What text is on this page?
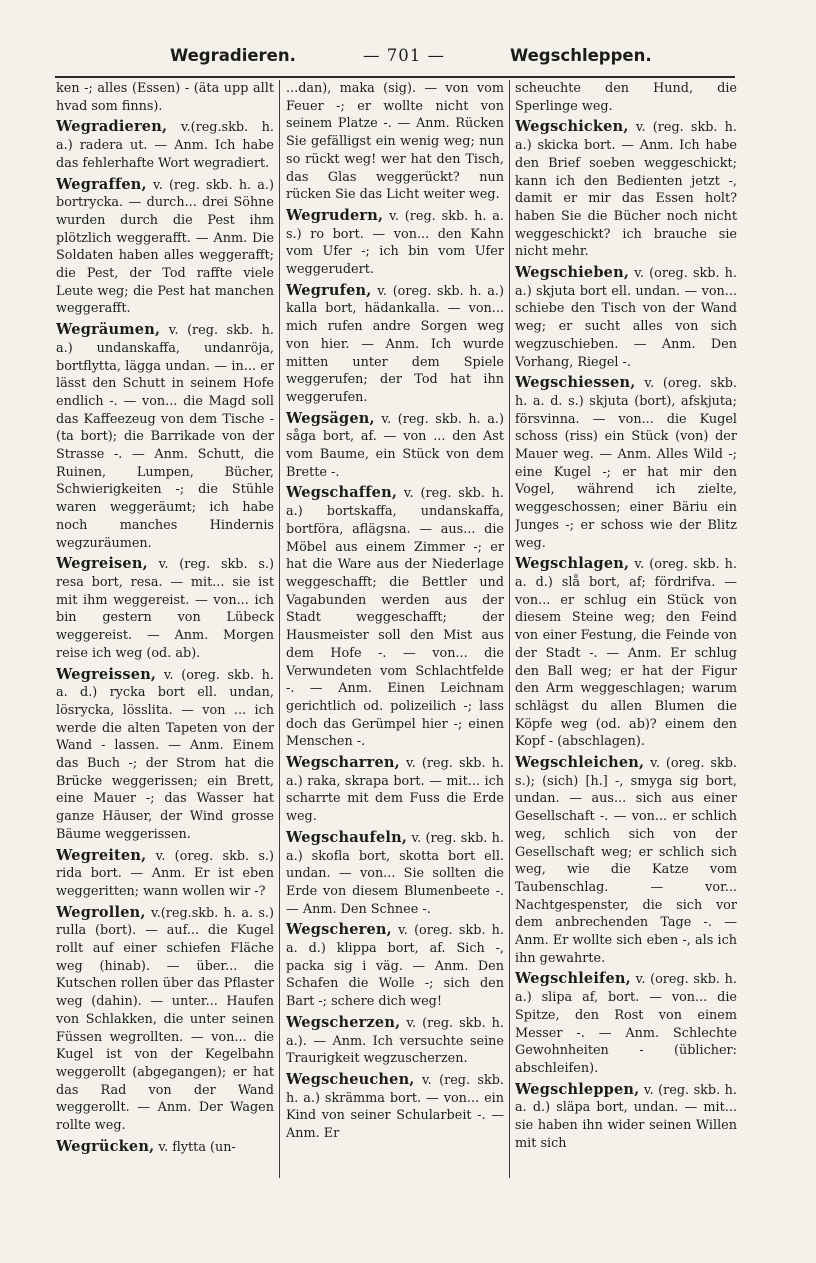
Wegradieren.	— 701 —	Wegschleppen.

ken -; alles (Essen) - (äta upp allt hvad som finns).

Wegradieren, v.(reg.skb. h. a.) radera ut. — Anm. Ich habe das fehlerhafte Wort wegradiert.

Wegraffen, v. (reg. skb. h. a.) bortrycka. — durch... drei Söhne wurden durch die Pest ihm plötzlich weggerafft. — Anm. Die Soldaten haben alles weggerafft; die Pest, der Tod raffte viele Leute weg; die Pest hat manchen weggerafft.

Wegräumen, v. (reg. skb. h. a.) undanskaffa, undanröja, bortflytta, lägga undan. — in... er lässt den Schutt in seinem Hofe endlich -. — von... die Magd soll das Kaffeezeug von dem Tische - (ta bort); die Barrikade von der Strasse -. — Anm. Schutt, die Ruinen, Lumpen, Bücher, Schwierigkeiten -; die Stühle waren weggeräumt; ich habe noch manches Hindernis wegzuräumen.

Wegreisen, v. (reg. skb. s.) resa bort, resa. — mit... sie ist mit ihm weggereist. — von... ich bin gestern von Lübeck weggereist. — Anm. Morgen reise ich weg (od. ab).

Wegreissen, v. (oreg. skb. h. a. d.) rycka bort ell. undan, lösrycka, lösslita. — von ... ich werde die alten Tapeten von der Wand - lassen. — Anm. Einem das Buch -; der Strom hat die Brücke weggerissen; ein Brett, eine Mauer -; das Wasser hat ganze Häuser, der Wind grosse Bäume weggerissen.

Wegreiten, v. (oreg. skb. s.) rida bort. — Anm. Er ist eben weggeritten; wann wollen wir -?

Wegrollen, v.(reg.skb. h. a. s.) rulla (bort). — auf... die Kugel rollt auf einer schiefen Fläche weg (hinab). — über... die Kutschen rollen über das Pflaster weg (dahin). — unter... Haufen von Schlakken, die unter seinen Füssen wegrollten. — von... die Kugel ist von der Kegelbahn weggerollt (abgegangen); er hat das Rad von der Wand weggerollt. — Anm. Der Wagen rollte weg.

Wegrücken, v. flytta (un-

...dan), maka (sig). — von vom Feuer -; er wollte nicht von seinem Platze -. — Anm. Rücken Sie gefälligst ein wenig weg; nun so rückt weg! wer hat den Tisch, das Glas weggerückt? nun rücken Sie das Licht weiter weg.

Wegrudern, v. (reg. skb. h. a. s.) ro bort. — von... den Kahn vom Ufer -; ich bin vom Ufer weggerudert.

Wegrufen, v. (oreg. skb. h. a.) kalla bort, hädankalla. — von... mich rufen andre Sorgen weg von hier. — Anm. Ich wurde mitten unter dem Spiele weggerufen; der Tod hat ihn weggerufen.

Wegsägen, v. (reg. skb. h. a.) såga bort, af. — von ... den Ast vom Baume, ein Stück von dem Brette -.

Wegschaffen, v. (reg. skb. h. a.) bortskaffa, undanskaffa, bortföra, aflägsna. — aus... die Möbel aus einem Zimmer -; er hat die Ware aus der Niederlage weggeschafft; die Bettler und Vagabunden werden aus der Stadt weggeschafft; der Hausmeister soll den Mist aus dem Hofe -. — von... die Verwundeten vom Schlachtfelde -. — Anm. Einen Leichnam gerichtlich od. polizeilich -; lass doch das Gerümpel hier -; einen Menschen -.

Wegscharren, v. (reg. skb. h. a.) raka, skrapa bort. — mit... ich scharrte mit dem Fuss die Erde weg.

Wegschaufeln, v. (reg. skb. h. a.) skofla bort, skotta bort ell. undan. — von... Sie sollten die Erde von diesem Blumenbeete -. — Anm. Den Schnee -.

Wegscheren, v. (oreg. skb. h. a. d.) klippa bort, af. Sich -, packa sig i väg. — Anm. Den Schafen die Wolle -; sich den Bart -; schere dich weg!

Wegscherzen, v. (reg. skb. h. a.). — Anm. Ich versuchte seine Traurigkeit wegzuscherzen.

Wegscheuchen, v. (reg. skb. h. a.) skrämma bort. — von... ein Kind von seiner Schularbeit -. — Anm. Er

scheuchte den Hund, die Sperlinge weg.

Wegschicken, v. (reg. skb. h. a.) skicka bort. — Anm. Ich habe den Brief soeben weggeschickt; kann ich den Bedienten jetzt -, damit er mir das Essen holt? haben Sie die Bücher noch nicht weggeschickt? ich brauche sie nicht mehr.

Wegschieben, v. (oreg. skb. h. a.) skjuta bort ell. undan. — von... schiebe den Tisch von der Wand weg; er sucht alles von sich wegzuschieben. — Anm. Den Vorhang, Riegel -.

Wegschiessen, v. (oreg. skb. h. a. d. s.) skjuta (bort), afskjuta; försvinna. — von... die Kugel schoss (riss) ein Stück (von) der Mauer weg. — Anm. Alles Wild -; eine Kugel -; er hat mir den Vogel, während ich zielte, weggeschossen; einer Bäriu ein Junges -; er schoss wie der Blitz weg.

Wegschlagen, v. (oreg. skb. h. a. d.) slå bort, af; fördrifva. — von... er schlug ein Stück von diesem Steine weg; den Feind von einer Festung, die Feinde von der Stadt -. — Anm. Er schlug den Ball weg; er hat der Figur den Arm weggeschlagen; warum schlägst du allen Blumen die Köpfe weg (od. ab)? einem den Kopf - (abschlagen).

Wegschleichen, v. (oreg. skb. s.); (sich) [h.] -, smyga sig bort, undan. — aus... sich aus einer Gesellschaft -. — von... er schlich weg, schlich sich von der Gesellschaft weg; er schlich sich weg, wie die Katze vom Taubenschlag. — vor... Nachtgespenster, die sich vor dem anbrechenden Tage -. — Anm. Er wollte sich eben -, als ich ihn gewahrte.

Wegschleifen, v. (oreg. skb. h. a.) slipa af, bort. — von... die Spitze, den Rost von einem Messer -. — Anm. Schlechte Gewohnheiten - (üblicher: abschleifen).

Wegschleppen, v. (reg. skb. h. a. d.) släpa bort, undan. — mit... sie haben ihn wider seinen Willen mit sich
